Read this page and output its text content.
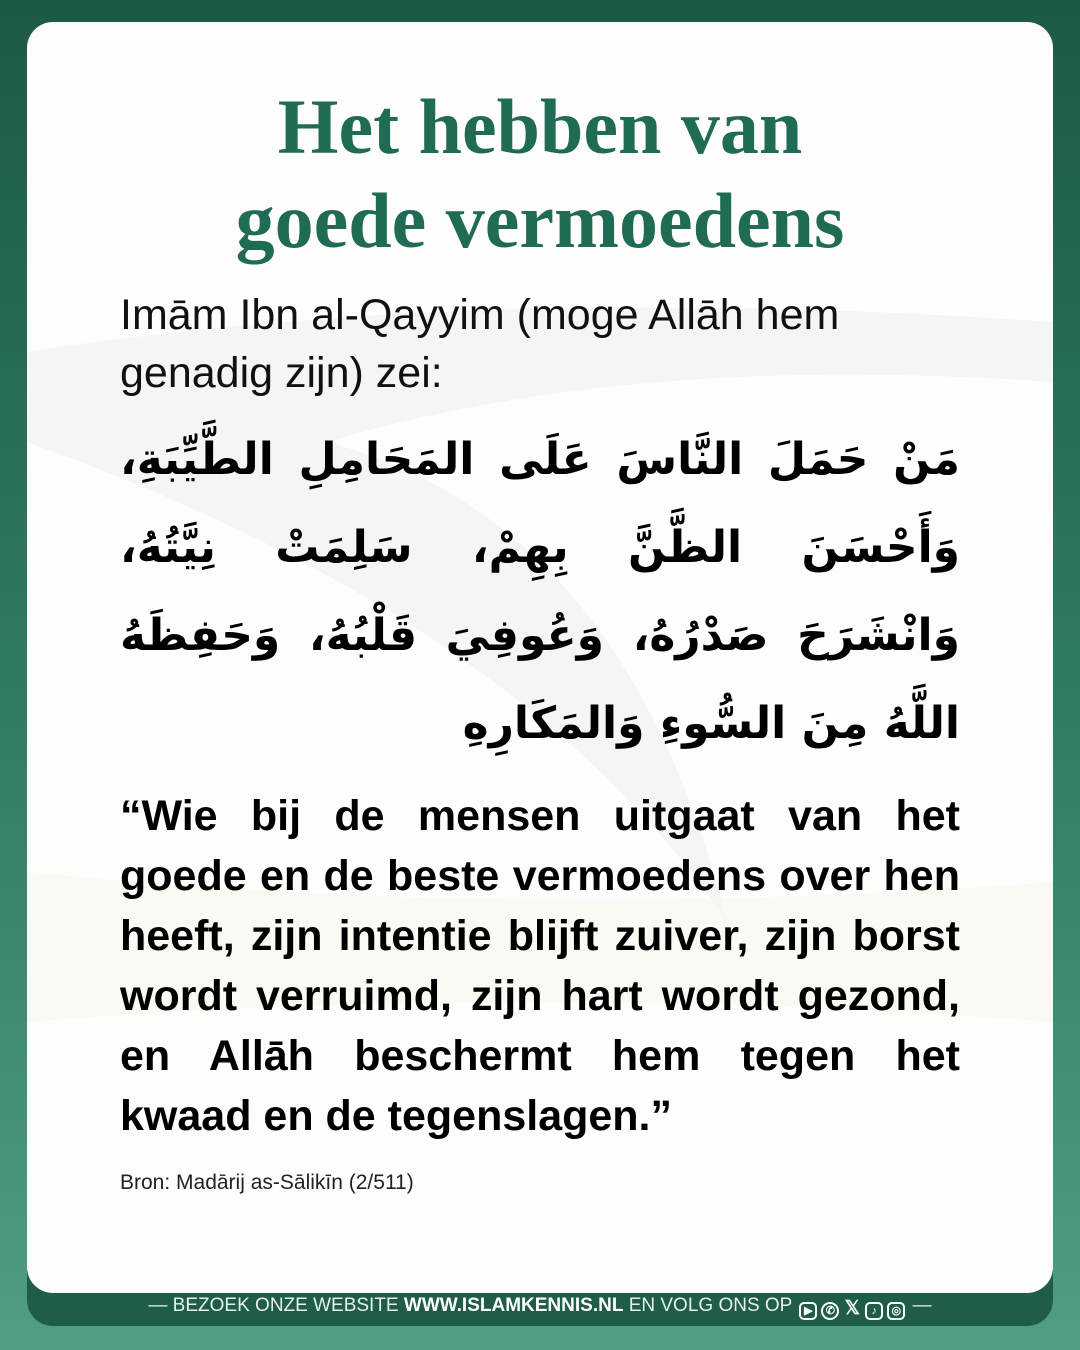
Het hebben van
goede vermoedens
Imām Ibn al-Qayyim (moge Allāh hem genadig zijn) zei:
مَنْ حَمَلَ النَّاسَ عَلَى المَحَامِلِ الطَّيِّبَةِ، وَأَحْسَنَ الظَّنَّ بِهِمْ، سَلِمَتْ نِيَّتُهُ، وَانْشَرَحَ صَدْرُهُ، وَعُوفِيَ قَلْبُهُ، وَحَفِظَهُ اللَّهُ مِنَ السُّوءِ وَالمَكَارِهِ
“Wie bij de mensen uitgaat van het goede en de beste vermoedens over hen heeft, zijn intentie blijft zuiver, zijn borst wordt verruimd, zijn hart wordt gezond, en Allāh beschermt hem tegen het kwaad en de tegenslagen.”
Bron: Madārij as-Sālikīn (2/511)
— BEZOEK ONZE WEBSITE WWW.ISLAMKENNIS.NL EN VOLG ONS OP ▶ ✆ 𝕏 ♪ ◎ —
